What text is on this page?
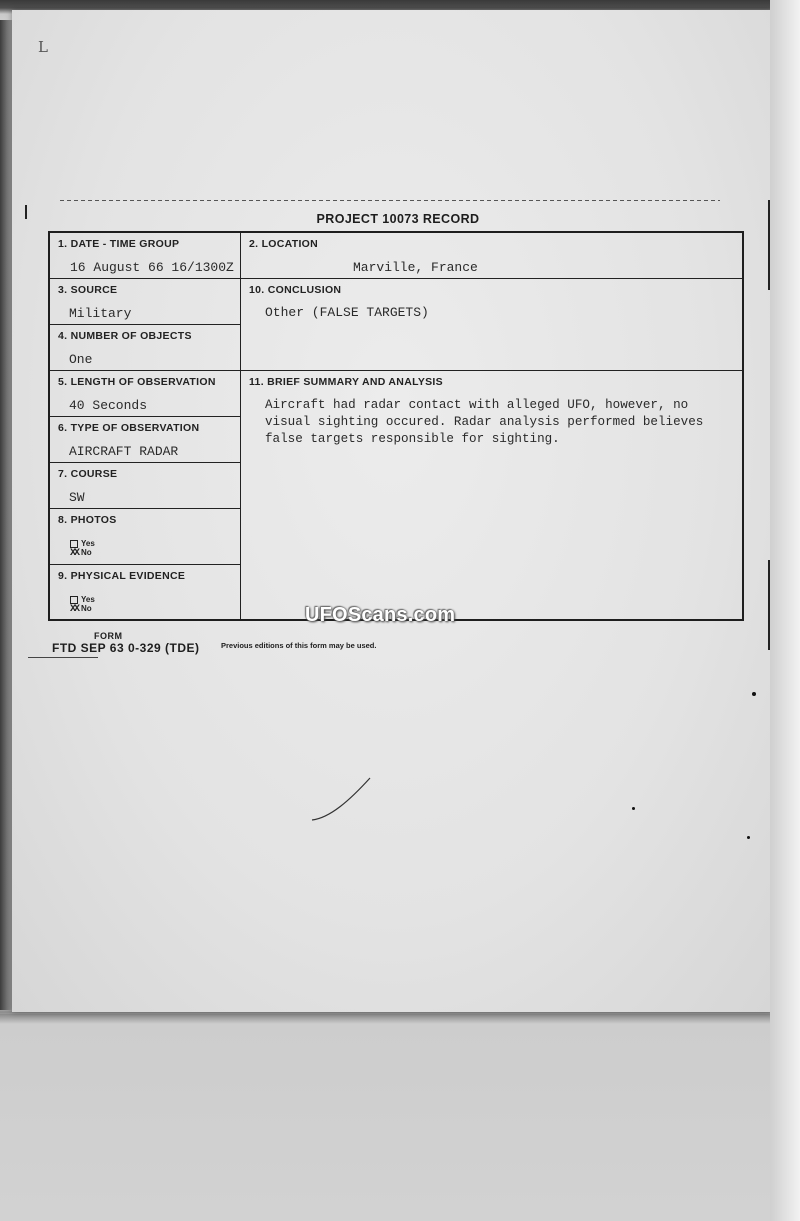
L
PROJECT 10073 RECORD
1. DATE - TIME GROUP
16 August 66 16/1300Z
2. LOCATION
Marville, France
3. SOURCE
Military
4. NUMBER OF OBJECTS
One
5. LENGTH OF OBSERVATION
40 Seconds
6. TYPE OF OBSERVATION
AIRCRAFT RADAR
7. COURSE
SW
8. PHOTOS
Yes
XX No
9. PHYSICAL EVIDENCE
Yes
XX No
10. CONCLUSION
Other (FALSE TARGETS)
11. BRIEF SUMMARY AND ANALYSIS
Aircraft had radar contact with alleged UFO, however, no visual sighting occured. Radar analysis performed believes false targets responsible for sighting.
FORM
FTD SEP 63 0-329 (TDE)	Previous editions of this form may be used.
UFOScans.com
